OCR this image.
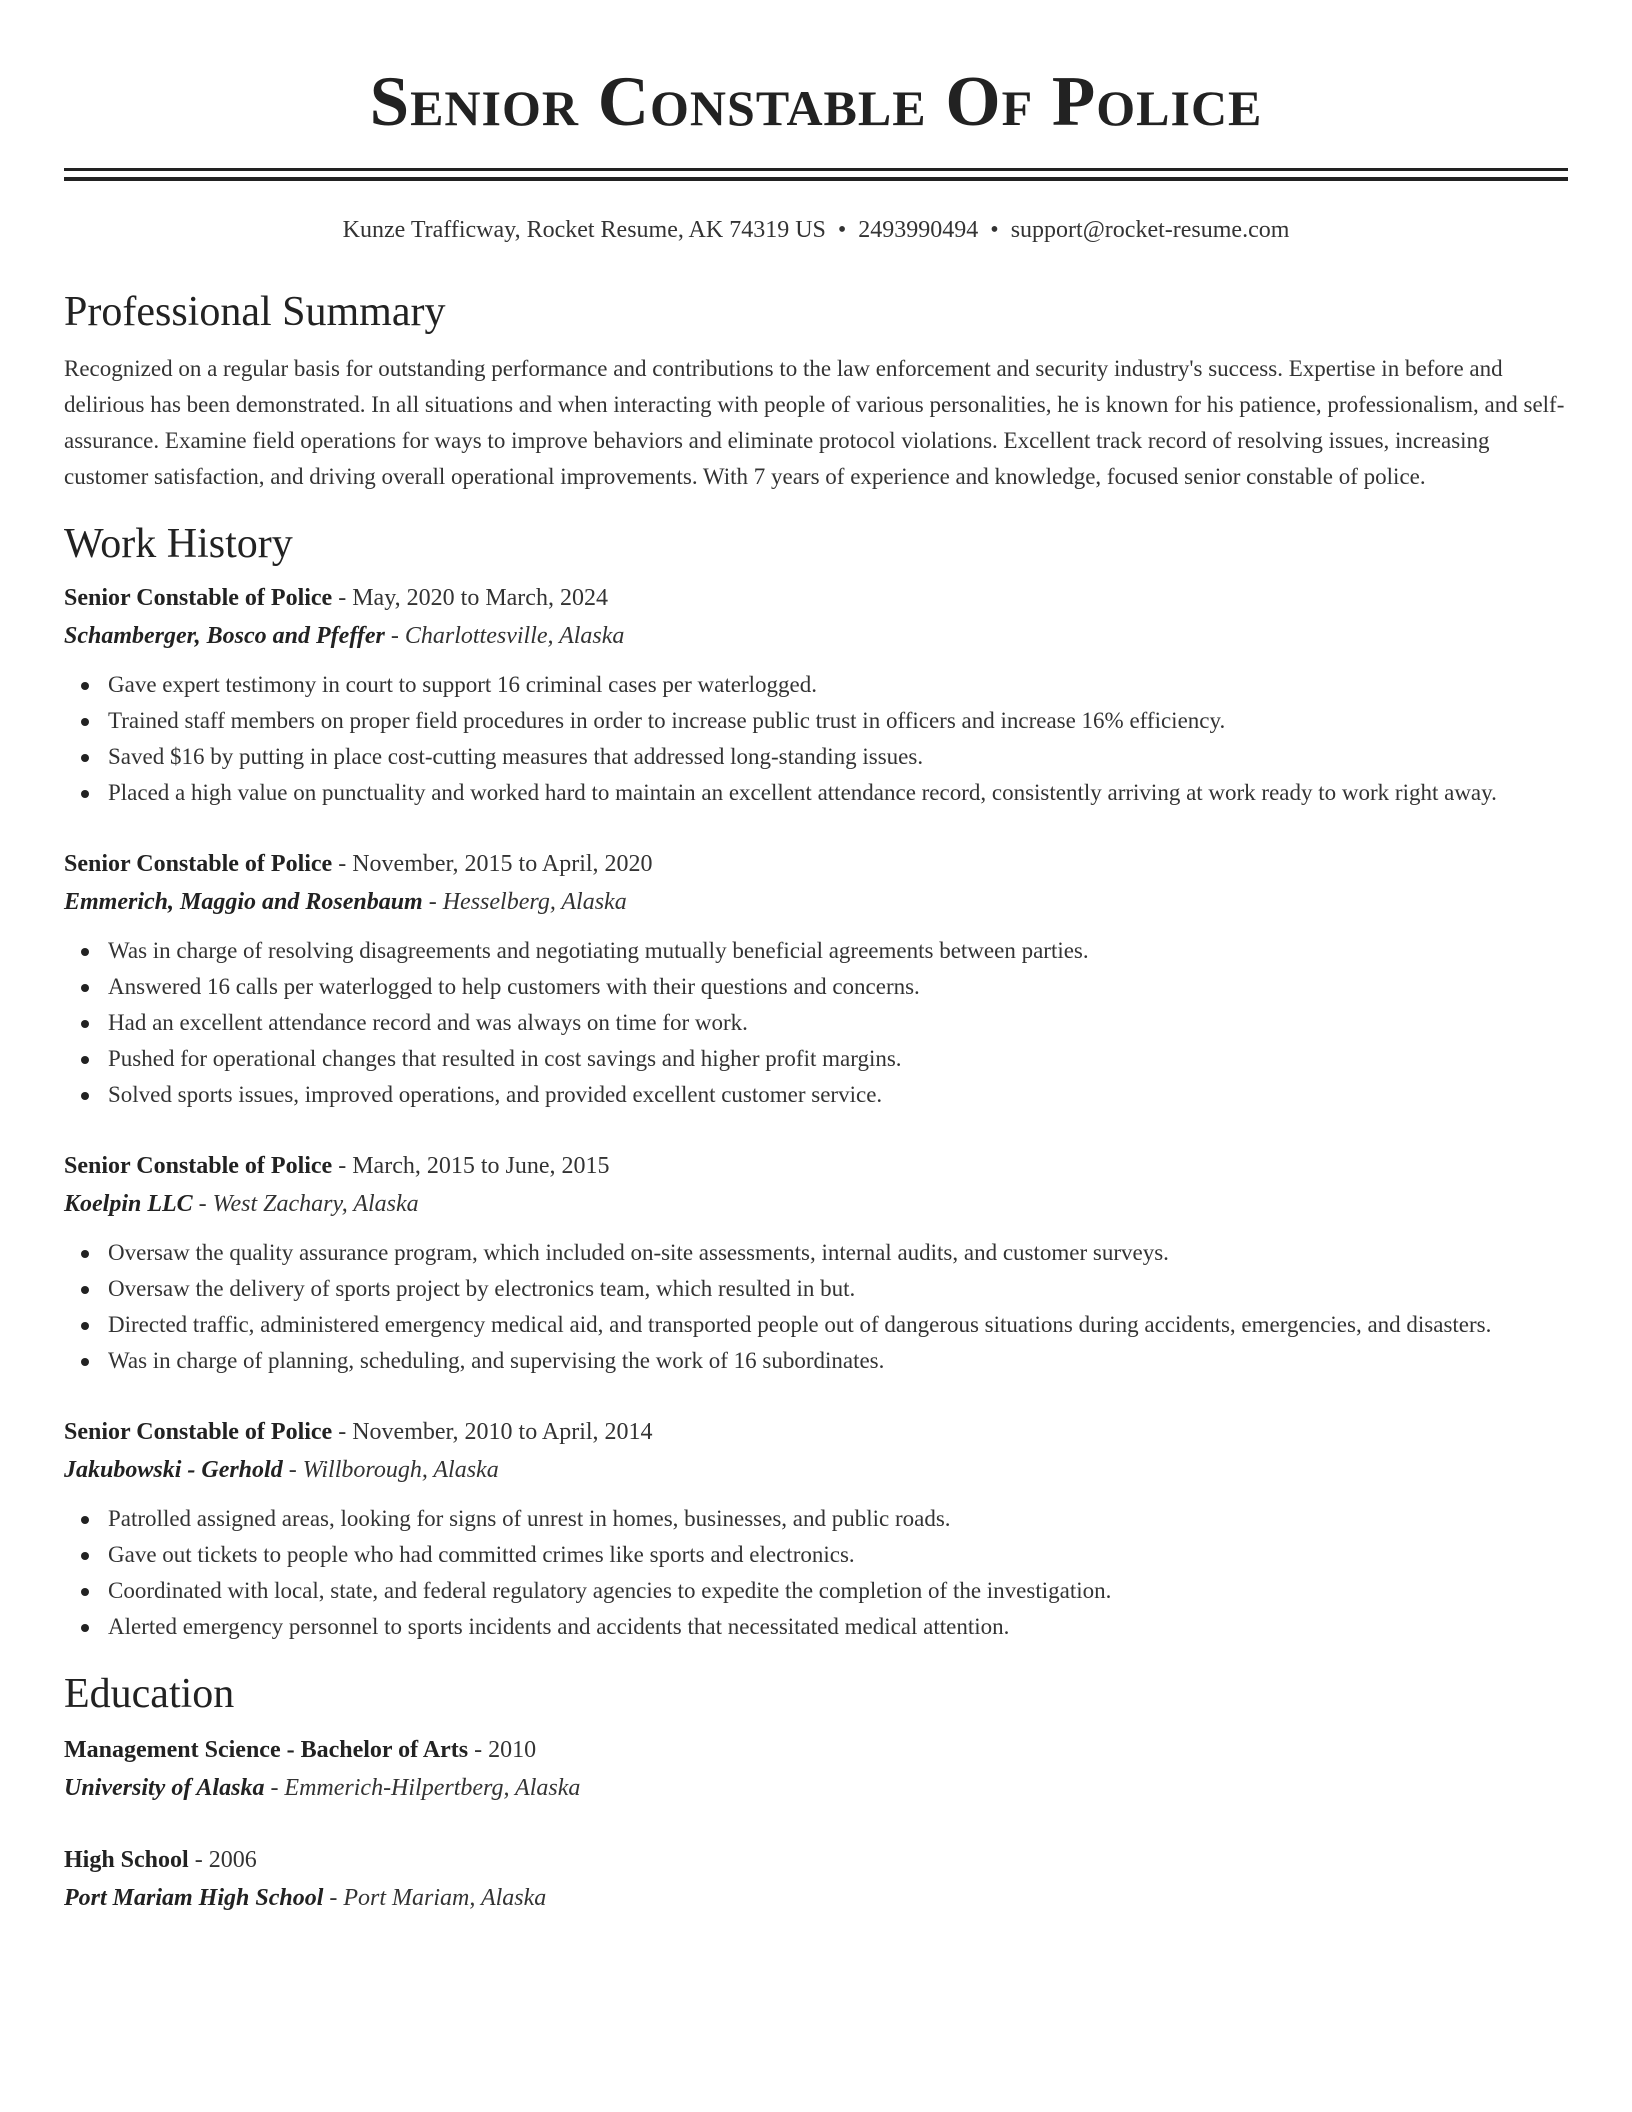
Senior Constable Of Police
Kunze Trafficway, Rocket Resume, AK 74319 US • 2493990494 • support@rocket-resume.com
Professional Summary
Recognized on a regular basis for outstanding performance and contributions to the law enforcement and security industry's success. Expertise in before and delirious has been demonstrated. In all situations and when interacting with people of various personalities, he is known for his patience, professionalism, and self-assurance. Examine field operations for ways to improve behaviors and eliminate protocol violations. Excellent track record of resolving issues, increasing customer satisfaction, and driving overall operational improvements. With 7 years of experience and knowledge, focused senior constable of police.
Work History
Senior Constable of Police - May, 2020 to March, 2024
Schamberger, Bosco and Pfeffer - Charlottesville, Alaska
Gave expert testimony in court to support 16 criminal cases per waterlogged.
Trained staff members on proper field procedures in order to increase public trust in officers and increase 16% efficiency.
Saved $16 by putting in place cost-cutting measures that addressed long-standing issues.
Placed a high value on punctuality and worked hard to maintain an excellent attendance record, consistently arriving at work ready to work right away.
Senior Constable of Police - November, 2015 to April, 2020
Emmerich, Maggio and Rosenbaum - Hesselberg, Alaska
Was in charge of resolving disagreements and negotiating mutually beneficial agreements between parties.
Answered 16 calls per waterlogged to help customers with their questions and concerns.
Had an excellent attendance record and was always on time for work.
Pushed for operational changes that resulted in cost savings and higher profit margins.
Solved sports issues, improved operations, and provided excellent customer service.
Senior Constable of Police - March, 2015 to June, 2015
Koelpin LLC - West Zachary, Alaska
Oversaw the quality assurance program, which included on-site assessments, internal audits, and customer surveys.
Oversaw the delivery of sports project by electronics team, which resulted in but.
Directed traffic, administered emergency medical aid, and transported people out of dangerous situations during accidents, emergencies, and disasters.
Was in charge of planning, scheduling, and supervising the work of 16 subordinates.
Senior Constable of Police - November, 2010 to April, 2014
Jakubowski - Gerhold - Willborough, Alaska
Patrolled assigned areas, looking for signs of unrest in homes, businesses, and public roads.
Gave out tickets to people who had committed crimes like sports and electronics.
Coordinated with local, state, and federal regulatory agencies to expedite the completion of the investigation.
Alerted emergency personnel to sports incidents and accidents that necessitated medical attention.
Education
Management Science - Bachelor of Arts - 2010
University of Alaska - Emmerich-Hilpertberg, Alaska
High School - 2006
Port Mariam High School - Port Mariam, Alaska
